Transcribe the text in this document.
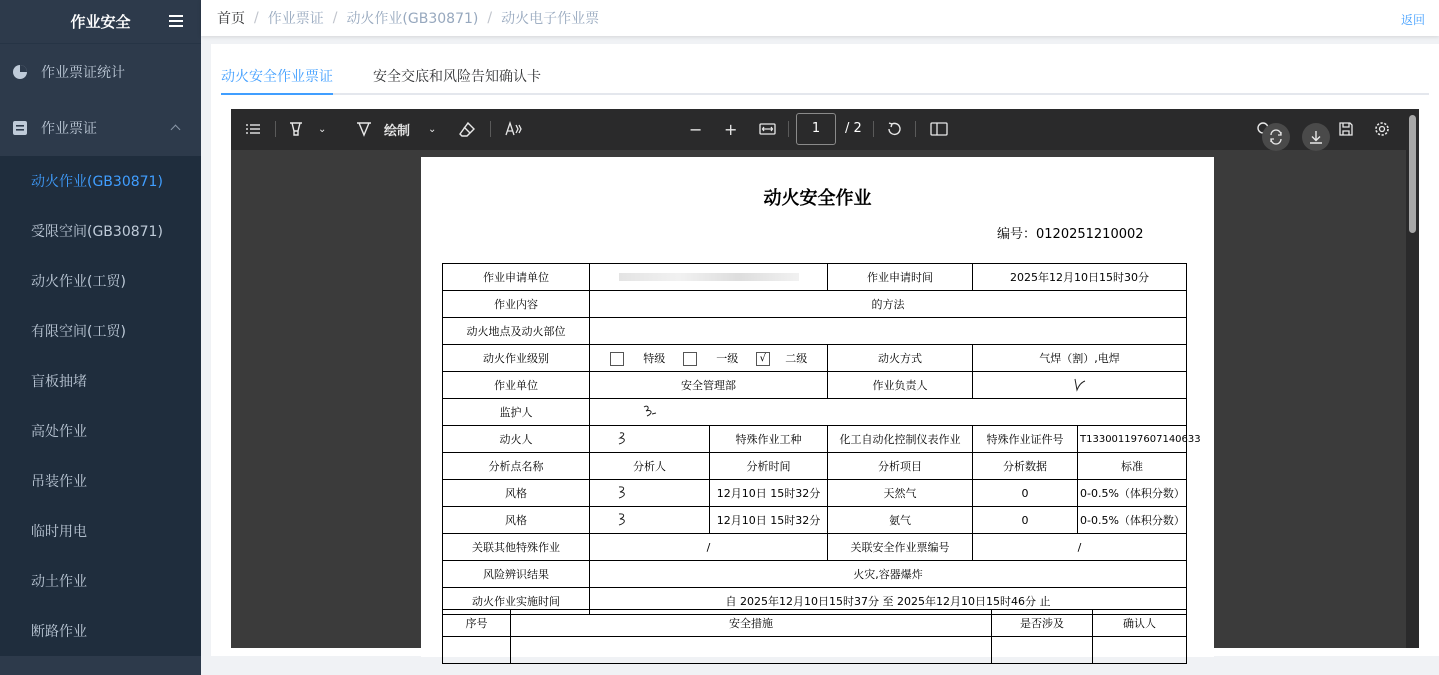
作业安全
作业票证统计
作业票证
动火作业(GB30871)
受限空间(GB30871)
动火作业(工贸)
有限空间(工贸)
盲板抽堵
高处作业
吊装作业
临时用电
动土作业
断路作业
首页 / 作业票证 / 动火作业(GB30871) / 动火电子作业票	返回
动火安全作业票证	安全交底和风险告知确认卡
⌄	绘制 ⌄	− +	1	/ 2
动火安全作业
编号：0120251210002
作业申请单位			作业申请时间	2025年12月10日15时30分	
作业内容	的方法				
动火地点及动火部位					
动火作业级别	特级 一级 √ 二级		动火方式	气焊（割）,电焊	
作业单位	安全管理部		作业负责人	
监护人	
动火人		特殊作业工种	化工自动化控制仪表作业	特殊作业证件号	T133001197607140633
分析点名称	分析人	分析时间	分析项目	分析数据	标准
风格		12月10日 15时32分	天然气	0	0-0.5%（体积分数）
风格		12月10日 15时32分	氨气	0	0-0.5%（体积分数）
关联其他特殊作业	/		关联安全作业票编号	/	
风险辨识结果	火灾,容器爆炸				
动火作业实施时间	自 2025年12月10日15时37分 至 2025年12月10日15时46分 止				
序号	安全措施	是否涉及	确认人
